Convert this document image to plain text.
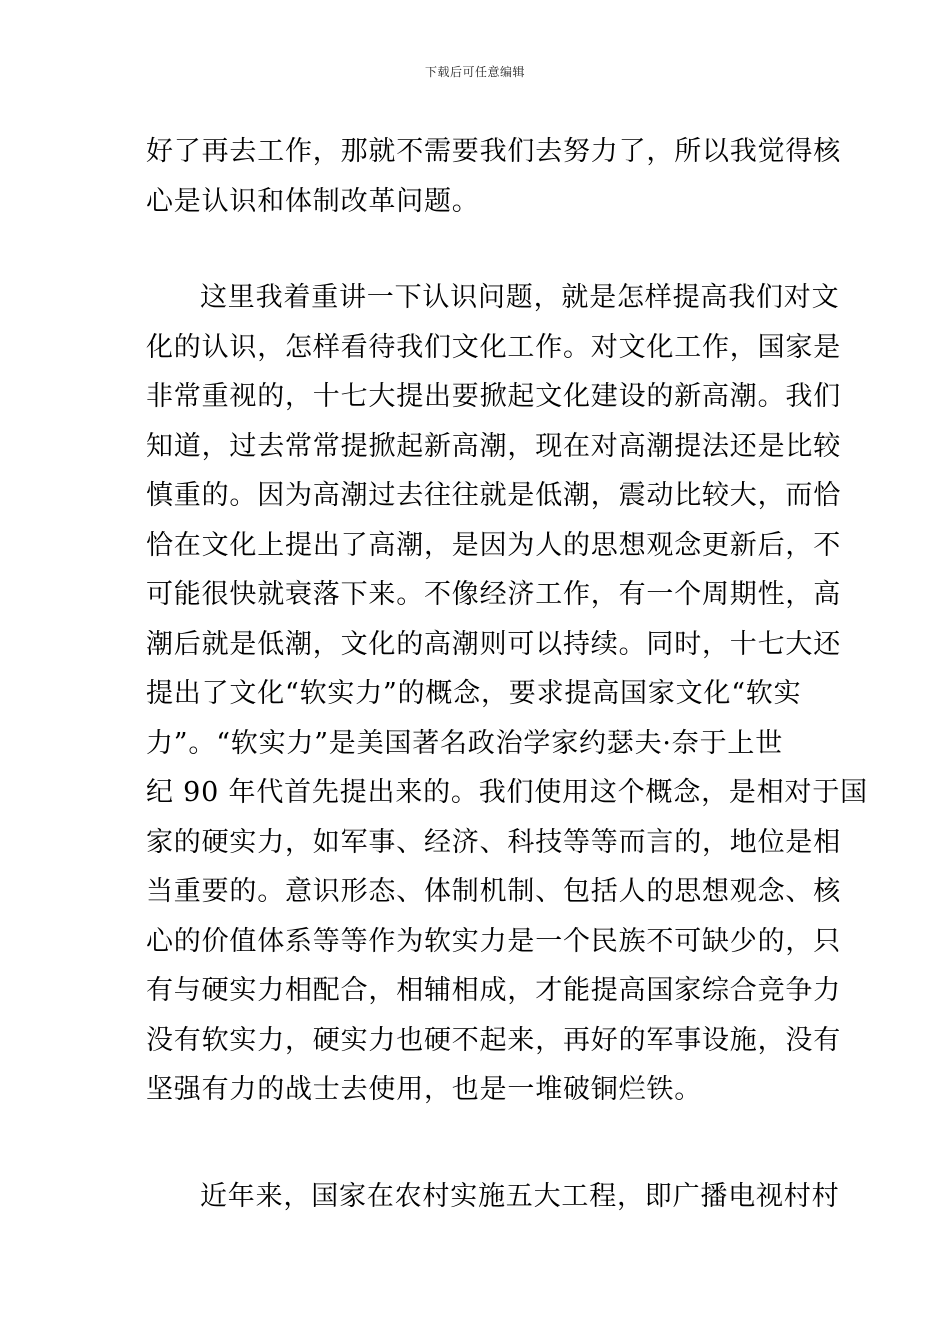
下载后可任意编辑
好了再去工作，那就不需要我们去努力了，所以我觉得核
心是认识和体制改革问题。
这里我着重讲一下认识问题，就是怎样提高我们对文
化的认识，怎样看待我们文化工作。对文化工作，国家是
非常重视的，十七大提出要掀起文化建设的新高潮。我们
知道，过去常常提掀起新高潮，现在对高潮提法还是比较
慎重的。因为高潮过去往往就是低潮，震动比较大，而恰
恰在文化上提出了高潮，是因为人的思想观念更新后，不
可能很快就衰落下来。不像经济工作，有一个周期性，高
潮后就是低潮，文化的高潮则可以持续。同时，十七大还
提出了文化“软实力”的概念，要求提高国家文化“软实
力”。“软实力”是美国著名政治学家约瑟夫·奈于上世
纪 90 年代首先提出来的。我们使用这个概念，是相对于国
家的硬实力，如军事、经济、科技等等而言的，地位是相
当重要的。意识形态、体制机制、包括人的思想观念、核
心的价值体系等等作为软实力是一个民族不可缺少的，只
有与硬实力相配合，相辅相成，才能提高国家综合竞争力
没有软实力，硬实力也硬不起来，再好的军事设施，没有
坚强有力的战士去使用，也是一堆破铜烂铁。
近年来，国家在农村实施五大工程，即广播电视村村
